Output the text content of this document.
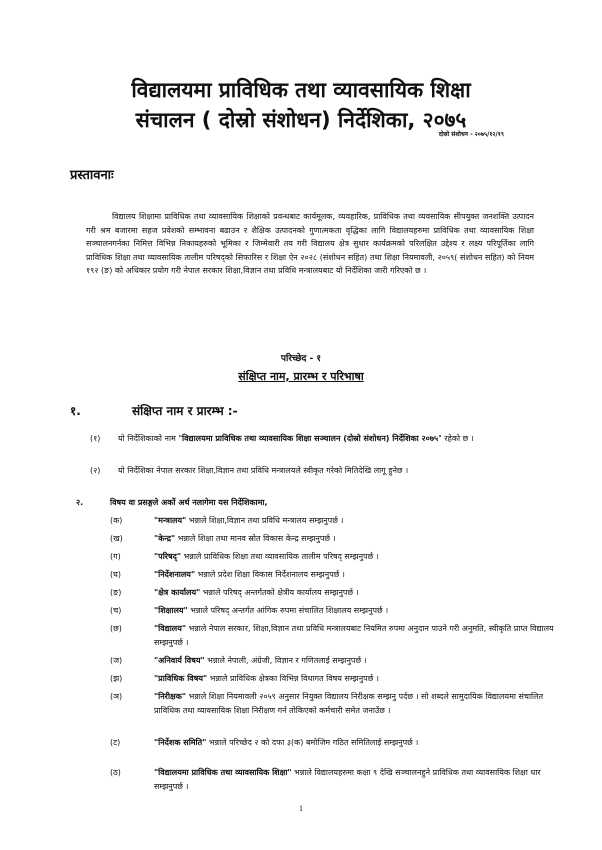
विद्यालयमा प्राविधिक तथा व्यावसायिक शिक्षा
संचालन ( दोस्रो संशोधन) निर्देशिका, २०७५
दोस्रो संशोधन - २०७५/१२/१९
प्रस्तावनाः
विद्यालय शिक्षामा प्राविधिक तथा व्यावसायिक शिक्षाको प्रवन्धबाट कार्यमूलक, व्यवहारिक, प्राविधिक तथा व्यवसायिक सीपयुक्त जनशक्ति उत्पादन गरी श्रम बजारमा सहज प्रवेशको सम्भावना बढाउन र शैक्षिक उत्पादनको गुणात्मकता वृद्धिका लागि विद्यालयहरुमा प्राविधिक तथा व्यावसायिक शिक्षा सञ्चालनगर्नका निमित्त विभिन्न निकायहरुको भूमिका र जिम्मेवारी तय गरी विद्यालय क्षेत्र सुधार कार्यक्रमको परिलक्षित उद्देश्य र लक्ष्य परिपूर्तिका लागि प्राविधिक शिक्षा तथा व्यावसायिक तालीम परिषद्को सिफारिस र शिक्षा ऐन २०२८ (संशोधन सहित) तथा शिक्षा नियमावली, २०५९( संशोधन सहित) को नियम १९२ (ङ) को अधिकार प्रयोग गरी नेपाल सरकार शिक्षा,विज्ञान तथा प्रविधि मन्त्रालयबाट यो निर्देशिका जारी गरिएको छ ।
परिच्छेद - १
संक्षिप्त नाम, प्रारम्भ र परिभाषा
१.	संक्षिप्त नाम र प्रारम्भ :-
(१) यो निर्देशिकाको नाम "विद्यालयमा प्राविधिक तथा व्यावसायिक शिक्षा सञ्चालन (दोस्रो संशोधन) निर्देशिका २०७५" रहेको छ ।
(२) यो निर्देशिका नेपाल सरकार शिक्षा,विज्ञान तथा प्रविधि मन्त्रालयले स्वीकृत गरेको मितिदेखि लागू हुनेछ ।
२.	विषय वा प्रसङ्गले अर्को अर्थ नलागेमा यस निर्देशिकामा,
(क)	"मन्त्रालय" भन्नाले शिक्षा,विज्ञान तथा प्रविधि मन्त्रालय सम्झनुपर्छ ।
(ख)	"केन्द्र" भन्नाले शिक्षा तथा मानव स्रोत विकास केन्द्र सम्झनुपर्छ ।
(ग)	"परिषद्" भन्नाले प्राविधिक शिक्षा तथा व्यावसायिक तालीम परिषद् सम्झनुपर्छ ।
(घ)	"निर्देशनालय" भन्नाले प्रदेश शिक्षा विकास निर्देशनालय सम्झनुपर्छ ।
(ङ)	"क्षेत्र कार्यालय" भन्नाले परिषद् अन्तर्गतको क्षेत्रीय कार्यालय सम्झनुपर्छ ।
(च)	"शिक्षालय" भन्नाले परिषद् अन्तर्गत आंगिक रुपमा संचालित शिक्षालय सम्झनुपर्छ ।
(छ)	"विद्यालय" भन्नाले नेपाल सरकार, शिक्षा,विज्ञान तथा प्रविधि मन्त्रालयबाट नियमित रुपमा अनुदान पाउने गरी अनुमति, स्वीकृति प्राप्त विद्यालय सम्झनुपर्छ ।
(ज)	"अनिवार्य विषय" भन्नाले नेपाली, अंग्रेजी, विज्ञान र गणितलाई सम्झनुपर्छ ।
(झ)	"प्राविधिक विषय" भन्नाले प्राविधिक क्षेत्रका विभिन्न विधागत विषय सम्झनुपर्छ ।
(ञ)	"निरीक्षक" भन्नाले शिक्षा नियमावली २०५९ अनुसार नियुक्त विद्यालय निरीक्षक सम्झनु पर्दछ । सो शब्दले सामुदायिक विद्यालयमा संचालित प्राविधिक तथा व्यावसायिक शिक्षा निरीक्षण गर्न तोकिएको कर्मचारी समेत जनाउँछ ।
(ट)	"निर्देशक समिति" भन्नाले परिच्छेद २ को दफा ३(क) बमोजिम गठित समितिलाई सम्झनुपर्छ ।
(ठ)	"विद्यालयमा प्राविधिक तथा व्यावसायिक शिक्षा" भन्नाले विद्यालयहरुमा कक्षा ९ देखि सञ्चालनहुने प्राविधिक तथा व्यावसायिक शिक्षा धार सम्झनुपर्छ ।
1
